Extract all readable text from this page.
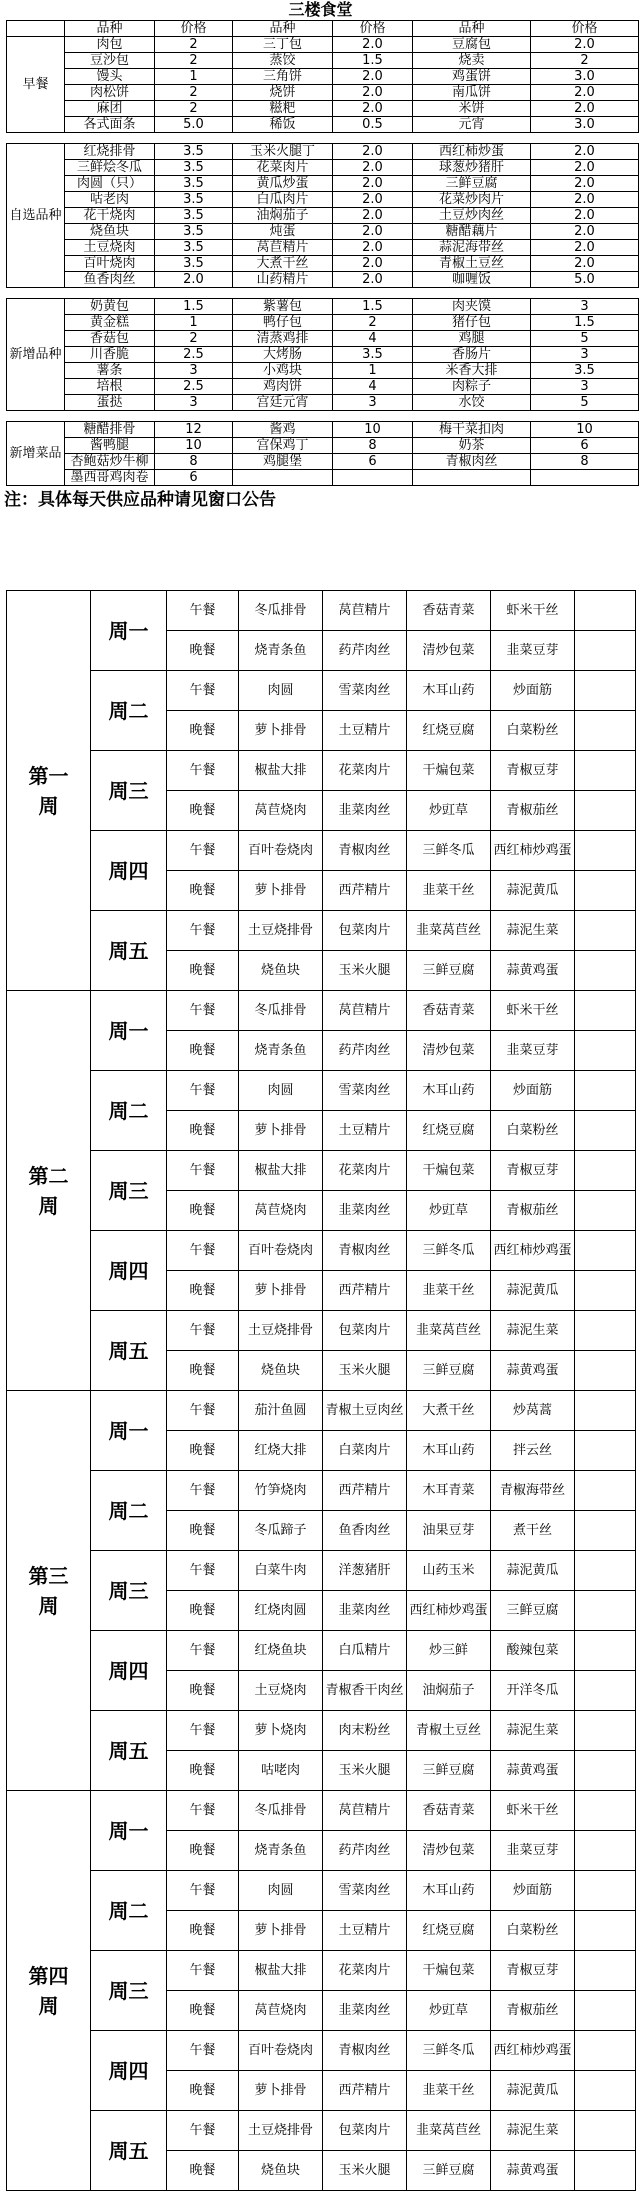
三楼食堂
	品种	价格	品种	价格	品种	价格
早餐	肉包	2	三丁包	2.0	豆腐包	2.0
	豆沙包	2	蒸饺	1.5	烧卖	2
	馒头	1	三角饼	2.0	鸡蛋饼	3.0
	肉松饼	2	烧饼	2.0	南瓜饼	2.0
	麻团	2	糍粑	2.0	米饼	2.0
	各式面条	5.0	稀饭	0.5	元宵	3.0

自选品种	红烧排骨	3.5	玉米火腿丁	2.0	西红柿炒蛋	2.0
	三鲜烩冬瓜	3.5	花菜肉片	2.0	球葱炒猪肝	2.0
	肉圆（只）	3.5	黄瓜炒蛋	2.0	三鲜豆腐	2.0
	咕老肉	3.5	白瓜肉片	2.0	花菜炒肉片	2.0
	花干烧肉	3.5	油焖茄子	2.0	土豆炒肉丝	2.0
	烧鱼块	3.5	炖蛋	2.0	糖醋藕片	2.0
	土豆烧肉	3.5	莴苣精片	2.0	蒜泥海带丝	2.0
	百叶烧肉	3.5	大煮干丝	2.0	青椒土豆丝	2.0
	鱼香肉丝	2.0	山药精片	2.0	咖喱饭	5.0

新增品种	奶黄包	1.5	紫薯包	1.5	肉夹馍	3
	黄金糕	1	鸭仔包	2	猪仔包	1.5
	香菇包	2	清蒸鸡排	4	鸡腿	5
	川香脆	2.5	大烤肠	3.5	香肠片	3
	薯条	3	小鸡块	1	米香大排	3.5
	培根	2.5	鸡肉饼	4	肉粽子	3
	蛋挞	3	宫廷元宵	3	水饺	5

新增菜品	糖醋排骨	12	酱鸡	10	梅干菜扣肉	10
	酱鸭腿	10	宫保鸡丁	8	奶茶	6
	杏鲍菇炒牛柳	8	鸡腿堡	6	青椒肉丝	8
	墨西哥鸡肉卷	6				
注：具体每天供应品种请见窗口公告
第一周	周一	午餐	冬瓜排骨	莴苣精片	香菇青菜	虾米干丝	
		晚餐	烧青条鱼	药芹肉丝	清炒包菜	韭菜豆芽	
	周二	午餐	肉圆	雪菜肉丝	木耳山药	炒面筋	
		晚餐	萝卜排骨	土豆精片	红烧豆腐	白菜粉丝	
	周三	午餐	椒盐大排	花菜肉片	干煸包菜	青椒豆芽	
		晚餐	莴苣烧肉	韭菜肉丝	炒豇草	青椒茄丝	
	周四	午餐	百叶卷烧肉	青椒肉丝	三鲜冬瓜	西红柿炒鸡蛋	
		晚餐	萝卜排骨	西芹精片	韭菜干丝	蒜泥黄瓜	
	周五	午餐	土豆烧排骨	包菜肉片	韭菜莴苣丝	蒜泥生菜	
		晚餐	烧鱼块	玉米火腿	三鲜豆腐	蒜黄鸡蛋	
第二周	周一	午餐	冬瓜排骨	莴苣精片	香菇青菜	虾米干丝	
		晚餐	烧青条鱼	药芹肉丝	清炒包菜	韭菜豆芽	
	周二	午餐	肉圆	雪菜肉丝	木耳山药	炒面筋	
		晚餐	萝卜排骨	土豆精片	红烧豆腐	白菜粉丝	
	周三	午餐	椒盐大排	花菜肉片	干煸包菜	青椒豆芽	
		晚餐	莴苣烧肉	韭菜肉丝	炒豇草	青椒茄丝	
	周四	午餐	百叶卷烧肉	青椒肉丝	三鲜冬瓜	西红柿炒鸡蛋	
		晚餐	萝卜排骨	西芹精片	韭菜干丝	蒜泥黄瓜	
	周五	午餐	土豆烧排骨	包菜肉片	韭菜莴苣丝	蒜泥生菜	
		晚餐	烧鱼块	玉米火腿	三鲜豆腐	蒜黄鸡蛋	
第三周	周一	午餐	茄汁鱼圆	青椒土豆肉丝	大煮干丝	炒莴蒿	
		晚餐	红烧大排	白菜肉片	木耳山药	拌云丝	
	周二	午餐	竹笋烧肉	西芹精片	木耳青菜	青椒海带丝	
		晚餐	冬瓜蹄子	鱼香肉丝	油果豆芽	煮干丝	
	周三	午餐	白菜牛肉	洋葱猪肝	山药玉米	蒜泥黄瓜	
		晚餐	红烧肉圆	韭菜肉丝	西红柿炒鸡蛋	三鲜豆腐	
	周四	午餐	红烧鱼块	白瓜精片	炒三鲜	酸辣包菜	
		晚餐	土豆烧肉	青椒香干肉丝	油焖茄子	开洋冬瓜	
	周五	午餐	萝卜烧肉	肉末粉丝	青椒土豆丝	蒜泥生菜	
		晚餐	咕咾肉	玉米火腿	三鲜豆腐	蒜黄鸡蛋	
第四周	周一	午餐	冬瓜排骨	莴苣精片	香菇青菜	虾米干丝	
		晚餐	烧青条鱼	药芹肉丝	清炒包菜	韭菜豆芽	
	周二	午餐	肉圆	雪菜肉丝	木耳山药	炒面筋	
		晚餐	萝卜排骨	土豆精片	红烧豆腐	白菜粉丝	
	周三	午餐	椒盐大排	花菜肉片	干煸包菜	青椒豆芽	
		晚餐	莴苣烧肉	韭菜肉丝	炒豇草	青椒茄丝	
	周四	午餐	百叶卷烧肉	青椒肉丝	三鲜冬瓜	西红柿炒鸡蛋	
		晚餐	萝卜排骨	西芹精片	韭菜干丝	蒜泥黄瓜	
	周五	午餐	土豆烧排骨	包菜肉片	韭菜莴苣丝	蒜泥生菜	
		晚餐	烧鱼块	玉米火腿	三鲜豆腐	蒜黄鸡蛋	
